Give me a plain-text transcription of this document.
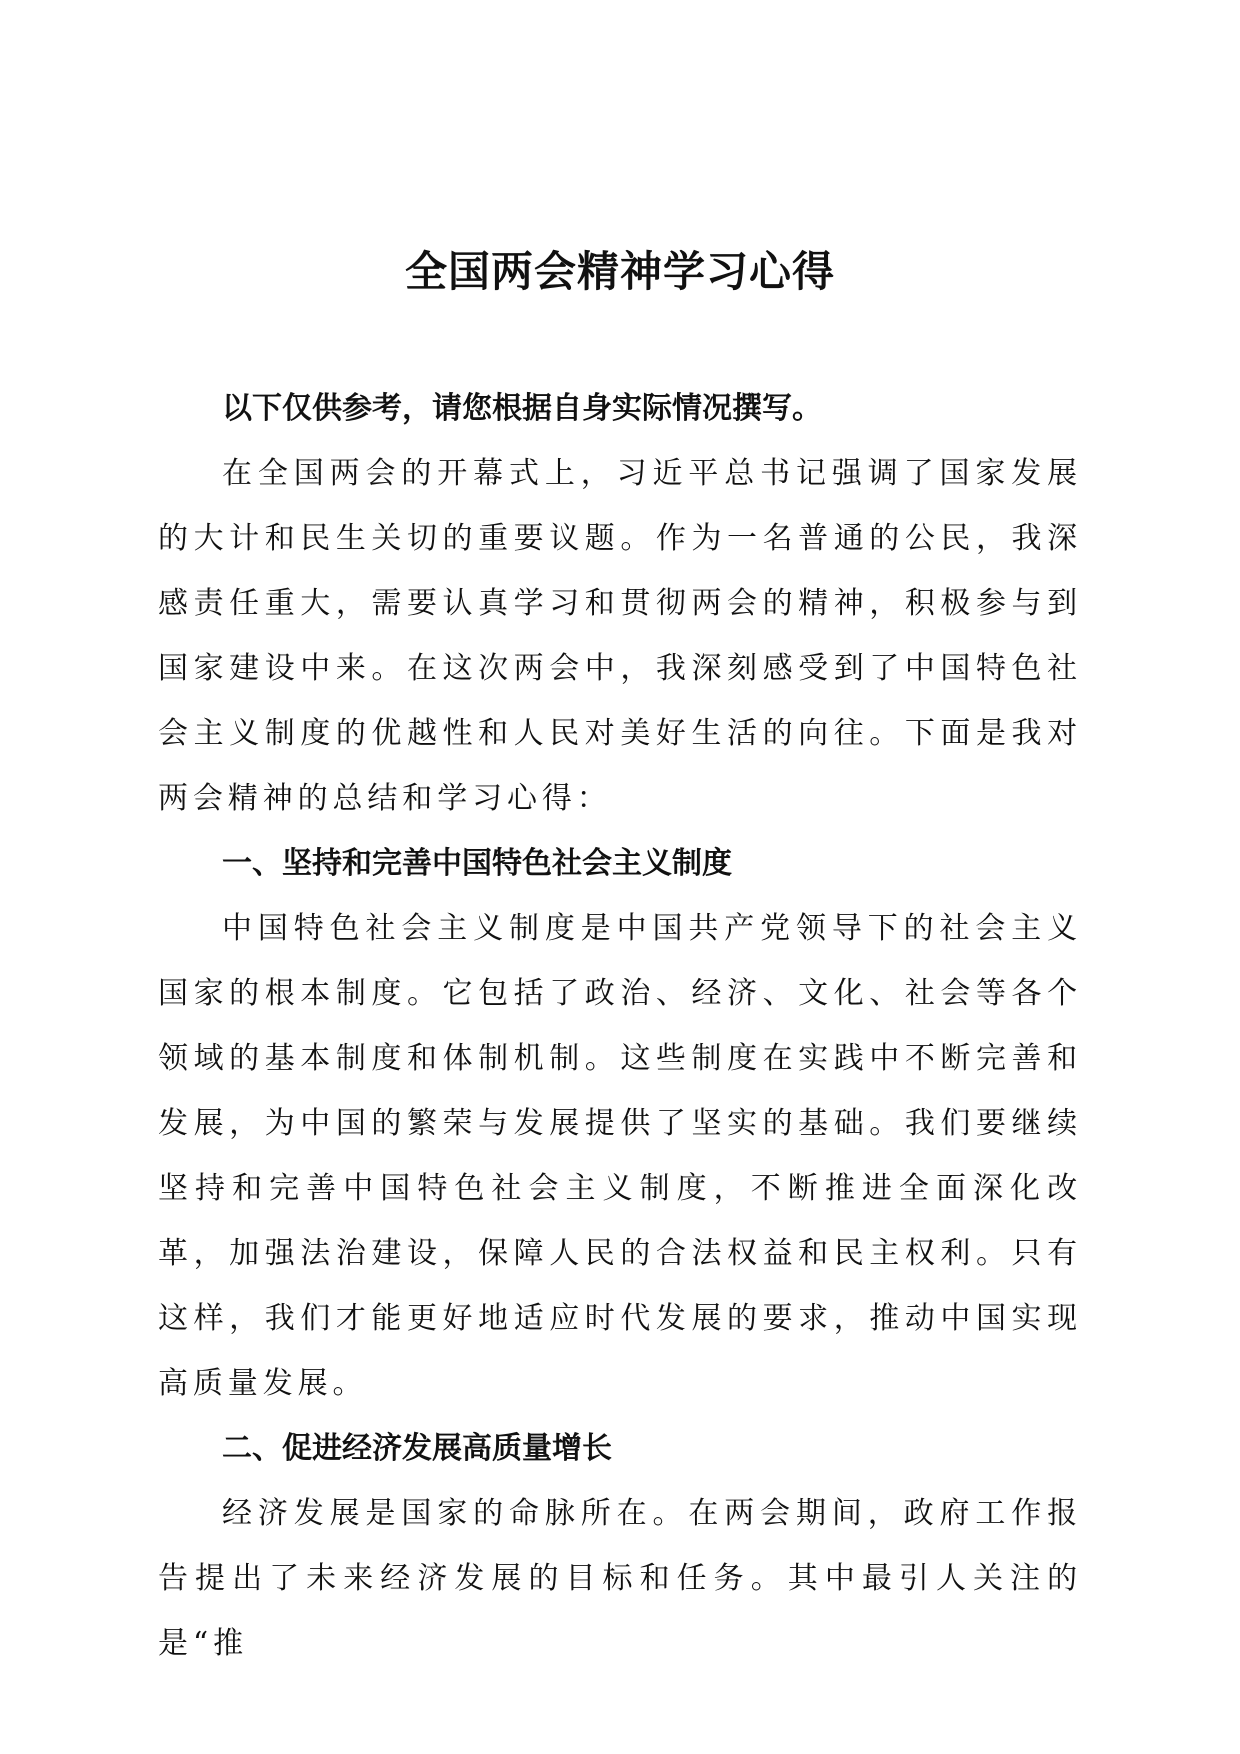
全国两会精神学习心得

以下仅供参考，请您根据自身实际情况撰写。

在全国两会的开幕式上，习近平总书记强调了国家发展的大计和民生关切的重要议题。作为一名普通的公民，我深感责任重大，需要认真学习和贯彻两会的精神，积极参与到国家建设中来。在这次两会中，我深刻感受到了中国特色社会主义制度的优越性和人民对美好生活的向往。下面是我对两会精神的总结和学习心得：

一、坚持和完善中国特色社会主义制度

中国特色社会主义制度是中国共产党领导下的社会主义国家的根本制度。它包括了政治、经济、文化、社会等各个领域的基本制度和体制机制。这些制度在实践中不断完善和发展，为中国的繁荣与发展提供了坚实的基础。我们要继续坚持和完善中国特色社会主义制度，不断推进全面深化改革，加强法治建设，保障人民的合法权益和民主权利。只有这样，我们才能更好地适应时代发展的要求，推动中国实现高质量发展。

二、促进经济发展高质量增长

经济发展是国家的命脉所在。在两会期间，政府工作报告提出了未来经济发展的目标和任务。其中最引人关注的是“推
